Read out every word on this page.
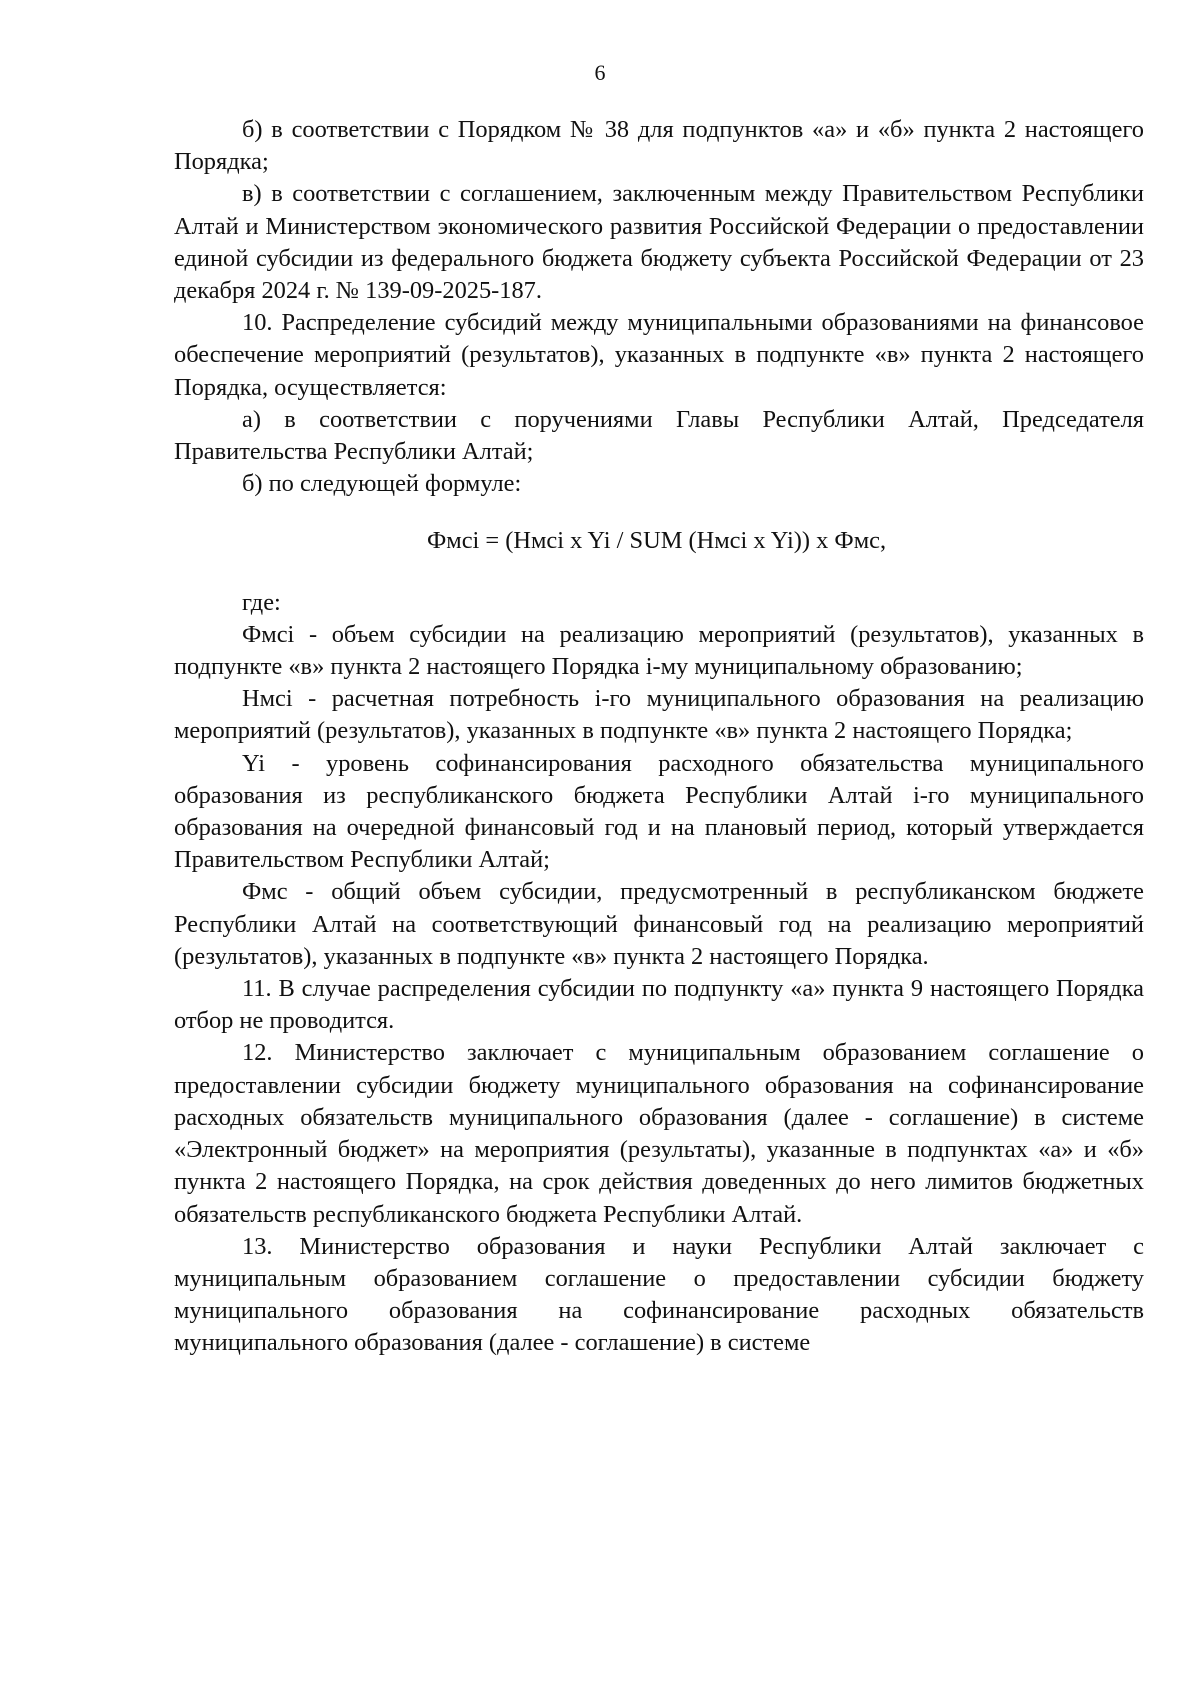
6

б) в соответствии с Порядком № 38 для подпунктов «а» и «б» пункта 2 настоящего Порядка;

в) в соответствии с соглашением, заключенным между Правительством Республики Алтай и Министерством экономического развития Российской Федерации о предоставлении единой субсидии из федерального бюджета бюджету субъекта Российской Федерации от 23 декабря 2024 г. № 139-09-2025-187.

10. Распределение субсидий между муниципальными образованиями на финансовое обеспечение мероприятий (результатов), указанных в подпункте «в» пункта 2 настоящего Порядка, осуществляется:

а) в соответствии с поручениями Главы Республики Алтай, Председателя Правительства Республики Алтай;

б) по следующей формуле:

Фмсi = (Нмсi x Yi / SUM (Нмсi x Yi)) x Фмс,

где:

Фмсi - объем субсидии на реализацию мероприятий (результатов), указанных в подпункте «в» пункта 2 настоящего Порядка i-му муниципальному образованию;

Нмсi - расчетная потребность i-го муниципального образования на реализацию мероприятий (результатов), указанных в подпункте «в» пункта 2 настоящего Порядка;

Yi - уровень софинансирования расходного обязательства муниципального образования из республиканского бюджета Республики Алтай i-го муниципального образования на очередной финансовый год и на плановый период, который утверждается Правительством Республики Алтай;

Фмс - общий объем субсидии, предусмотренный в республиканском бюджете Республики Алтай на соответствующий финансовый год на реализацию мероприятий (результатов), указанных в подпункте «в» пункта 2 настоящего Порядка.

11. В случае распределения субсидии по подпункту «а» пункта 9 настоящего Порядка отбор не проводится.

12. Министерство заключает с муниципальным образованием соглашение о предоставлении субсидии бюджету муниципального образования на софинансирование расходных обязательств муниципального образования (далее - соглашение) в системе «Электронный бюджет» на мероприятия (результаты), указанные в подпунктах «а» и «б» пункта 2 настоящего Порядка, на срок действия доведенных до него лимитов бюджетных обязательств республиканского бюджета Республики Алтай.

13. Министерство образования и науки Республики Алтай заключает с муниципальным образованием соглашение о предоставлении субсидии бюджету муниципального образования на софинансирование расходных обязательств муниципального образования (далее - соглашение) в системе
